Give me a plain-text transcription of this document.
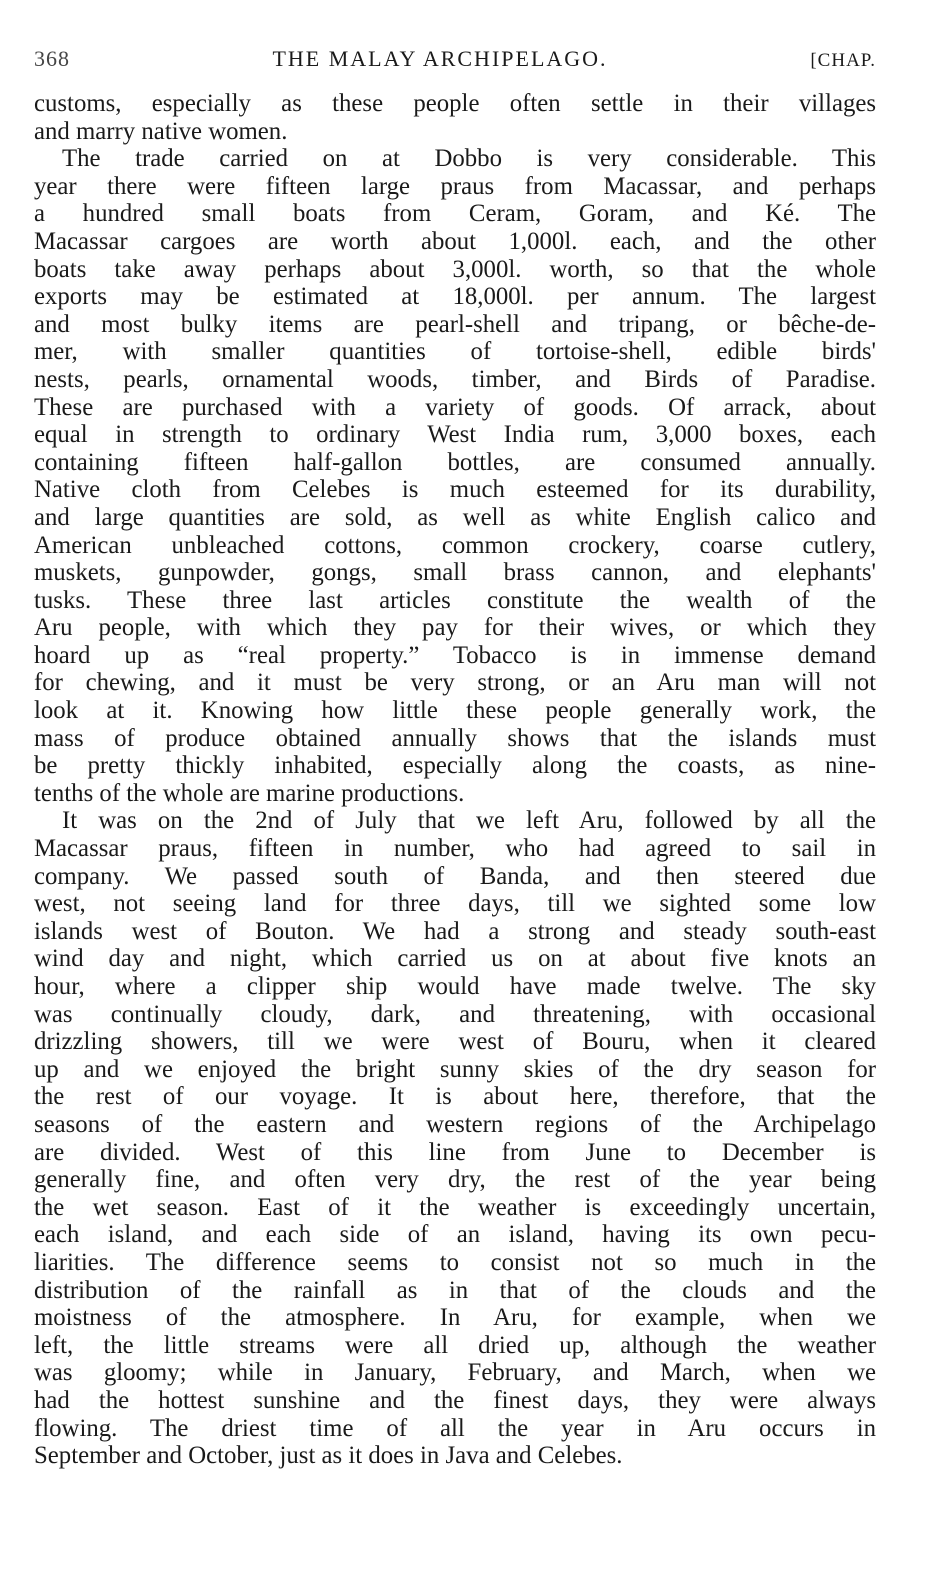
368	THE MALAY ARCHIPELAGO.	[CHAP.
customs, especially as these people often settle in their villages
and marry native women.
The trade carried on at Dobbo is very considerable. This
year there were fifteen large praus from Macassar, and perhaps
a hundred small boats from Ceram, Goram, and Ké. The
Macassar cargoes are worth about 1,000l. each, and the other
boats take away perhaps about 3,000l. worth, so that the whole
exports may be estimated at 18,000l. per annum. The largest
and most bulky items are pearl-shell and tripang, or bêche-de-
mer, with smaller quantities of tortoise-shell, edible birds'
nests, pearls, ornamental woods, timber, and Birds of Paradise.
These are purchased with a variety of goods. Of arrack, about
equal in strength to ordinary West India rum, 3,000 boxes, each
containing fifteen half-gallon bottles, are consumed annually.
Native cloth from Celebes is much esteemed for its durability,
and large quantities are sold, as well as white English calico and
American unbleached cottons, common crockery, coarse cutlery,
muskets, gunpowder, gongs, small brass cannon, and elephants'
tusks. These three last articles constitute the wealth of the
Aru people, with which they pay for their wives, or which they
hoard up as “real property.” Tobacco is in immense demand
for chewing, and it must be very strong, or an Aru man will not
look at it. Knowing how little these people generally work, the
mass of produce obtained annually shows that the islands must
be pretty thickly inhabited, especially along the coasts, as nine-
tenths of the whole are marine productions.
It was on the 2nd of July that we left Aru, followed by all the
Macassar praus, fifteen in number, who had agreed to sail in
company. We passed south of Banda, and then steered due
west, not seeing land for three days, till we sighted some low
islands west of Bouton. We had a strong and steady south-east
wind day and night, which carried us on at about five knots an
hour, where a clipper ship would have made twelve. The sky
was continually cloudy, dark, and threatening, with occasional
drizzling showers, till we were west of Bouru, when it cleared
up and we enjoyed the bright sunny skies of the dry season for
the rest of our voyage. It is about here, therefore, that the
seasons of the eastern and western regions of the Archipelago
are divided. West of this line from June to December is
generally fine, and often very dry, the rest of the year being
the wet season. East of it the weather is exceedingly uncertain,
each island, and each side of an island, having its own pecu-
liarities. The difference seems to consist not so much in the
distribution of the rainfall as in that of the clouds and the
moistness of the atmosphere. In Aru, for example, when we
left, the little streams were all dried up, although the weather
was gloomy; while in January, February, and March, when we
had the hottest sunshine and the finest days, they were always
flowing. The driest time of all the year in Aru occurs in
September and October, just as it does in Java and Celebes.
